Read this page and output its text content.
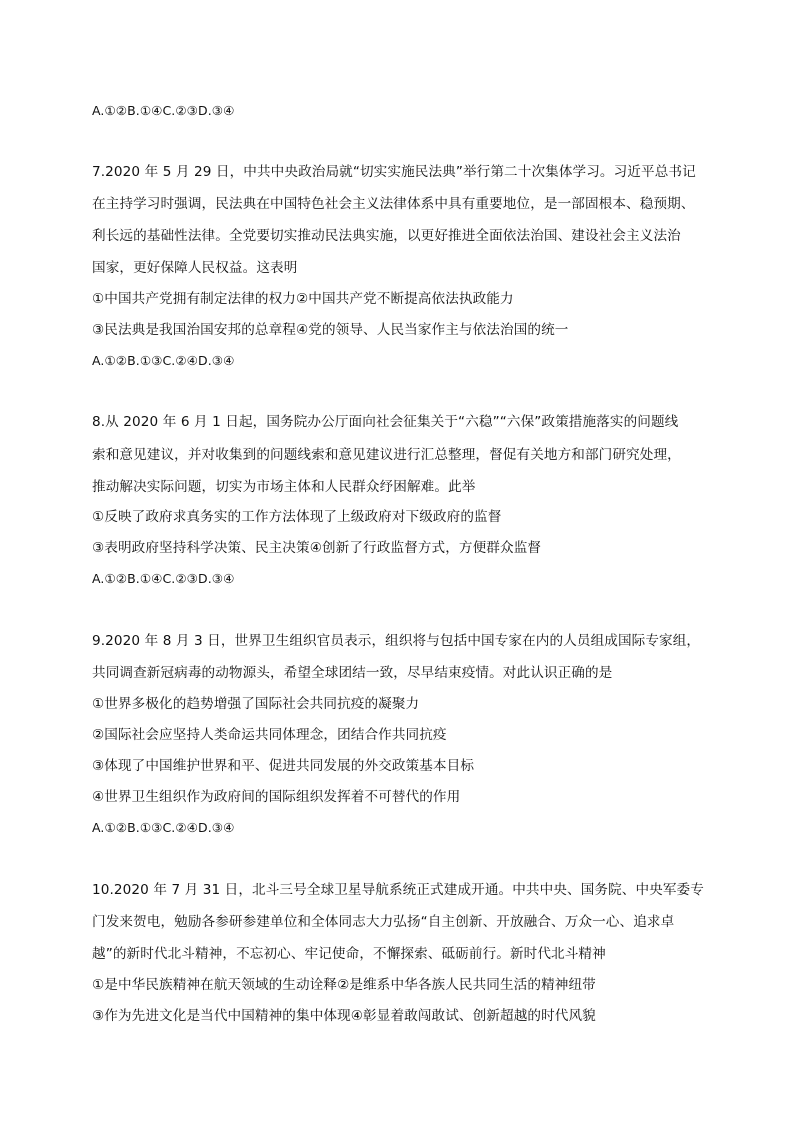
A.①②B.①④C.②③D.③④
7.2020 年 5 月 29 日，中共中央政治局就“切实实施民法典”举行第二十次集体学习。习近平总书记
在主持学习时强调，民法典在中国特色社会主义法律体系中具有重要地位，是一部固根本、稳预期、
利长远的基础性法律。全党要切实推动民法典实施，以更好推进全面依法治国、建设社会主义法治
国家，更好保障人民权益。这表明
①中国共产党拥有制定法律的权力②中国共产党不断提高依法执政能力
③民法典是我国治国安邦的总章程④党的领导、人民当家作主与依法治国的统一
A.①②B.①③C.②④D.③④
8.从 2020 年 6 月 1 日起，国务院办公厅面向社会征集关于“六稳”“六保”政策措施落实的问题线
索和意见建议，并对收集到的问题线索和意见建议进行汇总整理，督促有关地方和部门研究处理，
推动解决实际问题，切实为市场主体和人民群众纾困解难。此举
①反映了政府求真务实的工作方法体现了上级政府对下级政府的监督
③表明政府坚持科学决策、民主决策④创新了行政监督方式，方便群众监督
A.①②B.①④C.②③D.③④
9.2020 年 8 月 3 日，世界卫生组织官员表示，组织将与包括中国专家在内的人员组成国际专家组，
共同调查新冠病毒的动物源头，希望全球团结一致，尽早结束疫情。对此认识正确的是
①世界多极化的趋势增强了国际社会共同抗疫的凝聚力
②国际社会应坚持人类命运共同体理念，团结合作共同抗疫
③体现了中国维护世界和平、促进共同发展的外交政策基本目标
④世界卫生组织作为政府间的国际组织发挥着不可替代的作用
A.①②B.①③C.②④D.③④
10.2020 年 7 月 31 日，北斗三号全球卫星导航系统正式建成开通。中共中央、国务院、中央军委专
门发来贺电，勉励各参研参建单位和全体同志大力弘扬“自主创新、开放融合、万众一心、追求卓
越”的新时代北斗精神，不忘初心、牢记使命，不懈探索、砥砺前行。新时代北斗精神
①是中华民族精神在航天领域的生动诠释②是维系中华各族人民共同生活的精神纽带
③作为先进文化是当代中国精神的集中体现④彰显着敢闯敢试、创新超越的时代风貌
